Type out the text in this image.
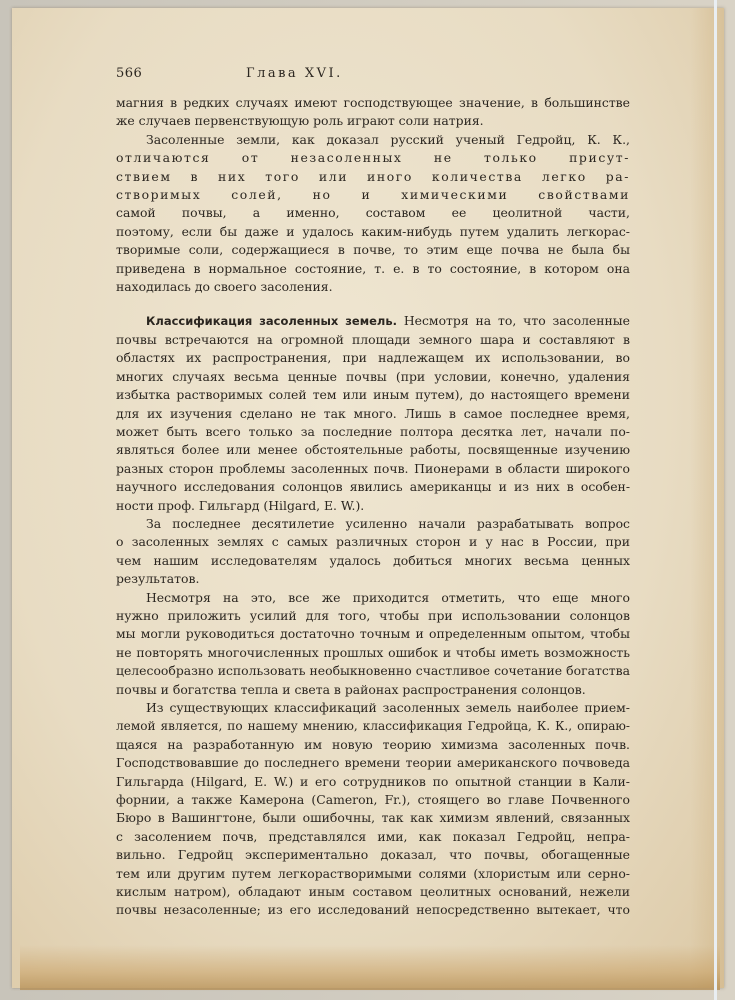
566	Глава XVI.
магния в редких случаях имеют господствующее значение, в большинстве
же случаев первенствующую роль играют соли натрия.
Засоленные земли, как доказал русский ученый Гедройц, К. К.,
отличаются от незасоленных не только присут-
ствием в них того или иного количества легко ра-
створимых солей, но и химическими свойствами
самой почвы, а именно, составом ее цеолитной части,
поэтому, если бы даже и удалось каким-нибудь путем удалить легкорас-
творимые соли, содержащиеся в почве, то этим еще почва не была бы
приведена в нормальное состояние, т. е. в то состояние, в котором она
находилась до своего засоления.
Классификация засоленных земель. Несмотря на то, что засоленные
почвы встречаются на огромной площади земного шара и составляют в
областях их распространения, при надлежащем их использовании, во
многих случаях весьма ценные почвы (при условии, конечно, удаления
избытка растворимых солей тем или иным путем), до настоящего времени
для их изучения сделано не так много. Лишь в самое последнее время,
может быть всего только за последние полтора десятка лет, начали по-
являться более или менее обстоятельные работы, посвященные изучению
разных сторон проблемы засоленных почв. Пионерами в области широкого
научного исследования солонцов явились американцы и из них в особен-
ности проф. Гильгард (Hilgard, E. W.).
За последнее десятилетие усиленно начали разрабатывать вопрос
о засоленных землях с самых различных сторон и у нас в России, при
чем нашим исследователям удалось добиться многих весьма ценных
результатов.
Несмотря на это, все же приходится отметить, что еще много
нужно приложить усилий для того, чтобы при использовании солонцов
мы могли руководиться достаточно точным и определенным опытом, чтобы
не повторять многочисленных прошлых ошибок и чтобы иметь возможность
целесообразно использовать необыкновенно счастливое сочетание богатства
почвы и богатства тепла и света в районах распространения солонцов.
Из существующих классификаций засоленных земель наиболее прием-
лемой является, по нашему мнению, классификация Гедройца, К. К., опираю-
щаяся на разработанную им новую теорию химизма засоленных почв.
Господствовавшие до последнего времени теории американского почвоведа
Гильгарда (Hilgard, E. W.) и его сотрудников по опытной станции в Кали-
форнии, а также Камерона (Cameron, Fr.), стоящего во главе Почвенного
Бюро в Вашингтоне, были ошибочны, так как химизм явлений, связанных
с засолением почв, представлялся ими, как показал Гедройц, непра-
вильно. Гедройц экспериментально доказал, что почвы, обогащенные
тем или другим путем легкорастворимыми солями (хлористым или серно-
кислым натром), обладают иным составом цеолитных оснований, нежели
почвы незасоленные; из его исследований непосредственно вытекает, что
